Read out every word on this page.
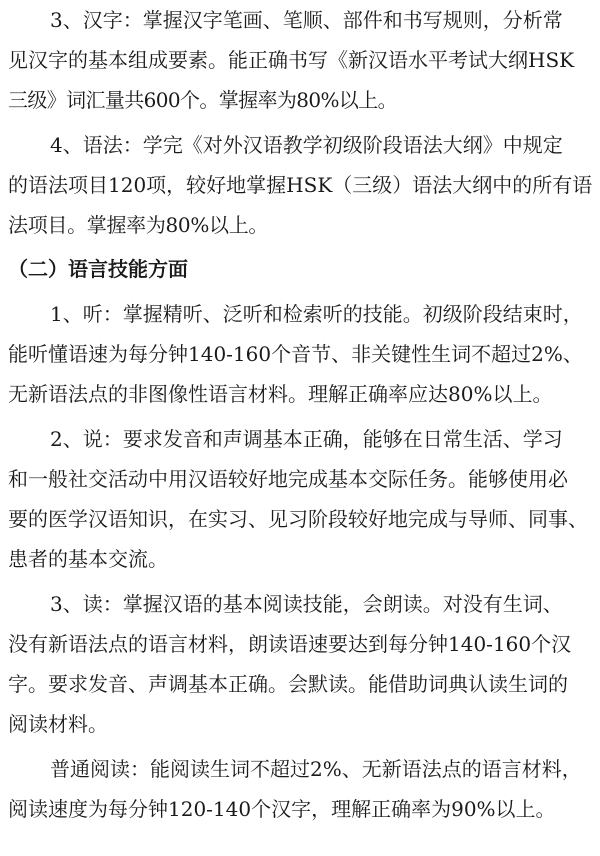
3、汉字：掌握汉字笔画、笔顺、部件和书写规则，分析常
见汉字的基本组成要素。能正确书写《新汉语水平考试大纲HSK
三级》词汇量共600个。掌握率为80%以上。
4、语法：学完《对外汉语教学初级阶段语法大纲》中规定
的语法项目120项，较好地掌握HSK（三级）语法大纲中的所有语
法项目。掌握率为80%以上。
（二）语言技能方面
1、听：掌握精听、泛听和检索听的技能。初级阶段结束时，
能听懂语速为每分钟140-160个音节、非关键性生词不超过2%、
无新语法点的非图像性语言材料。理解正确率应达80%以上。
2、说：要求发音和声调基本正确，能够在日常生活、学习
和一般社交活动中用汉语较好地完成基本交际任务。能够使用必
要的医学汉语知识，在实习、见习阶段较好地完成与导师、同事、
患者的基本交流。
3、读：掌握汉语的基本阅读技能，会朗读。对没有生词、
没有新语法点的语言材料，朗读语速要达到每分钟140-160个汉
字。要求发音、声调基本正确。会默读。能借助词典认读生词的
阅读材料。
普通阅读：能阅读生词不超过2%、无新语法点的语言材料，
阅读速度为每分钟120-140个汉字，理解正确率为90%以上。
